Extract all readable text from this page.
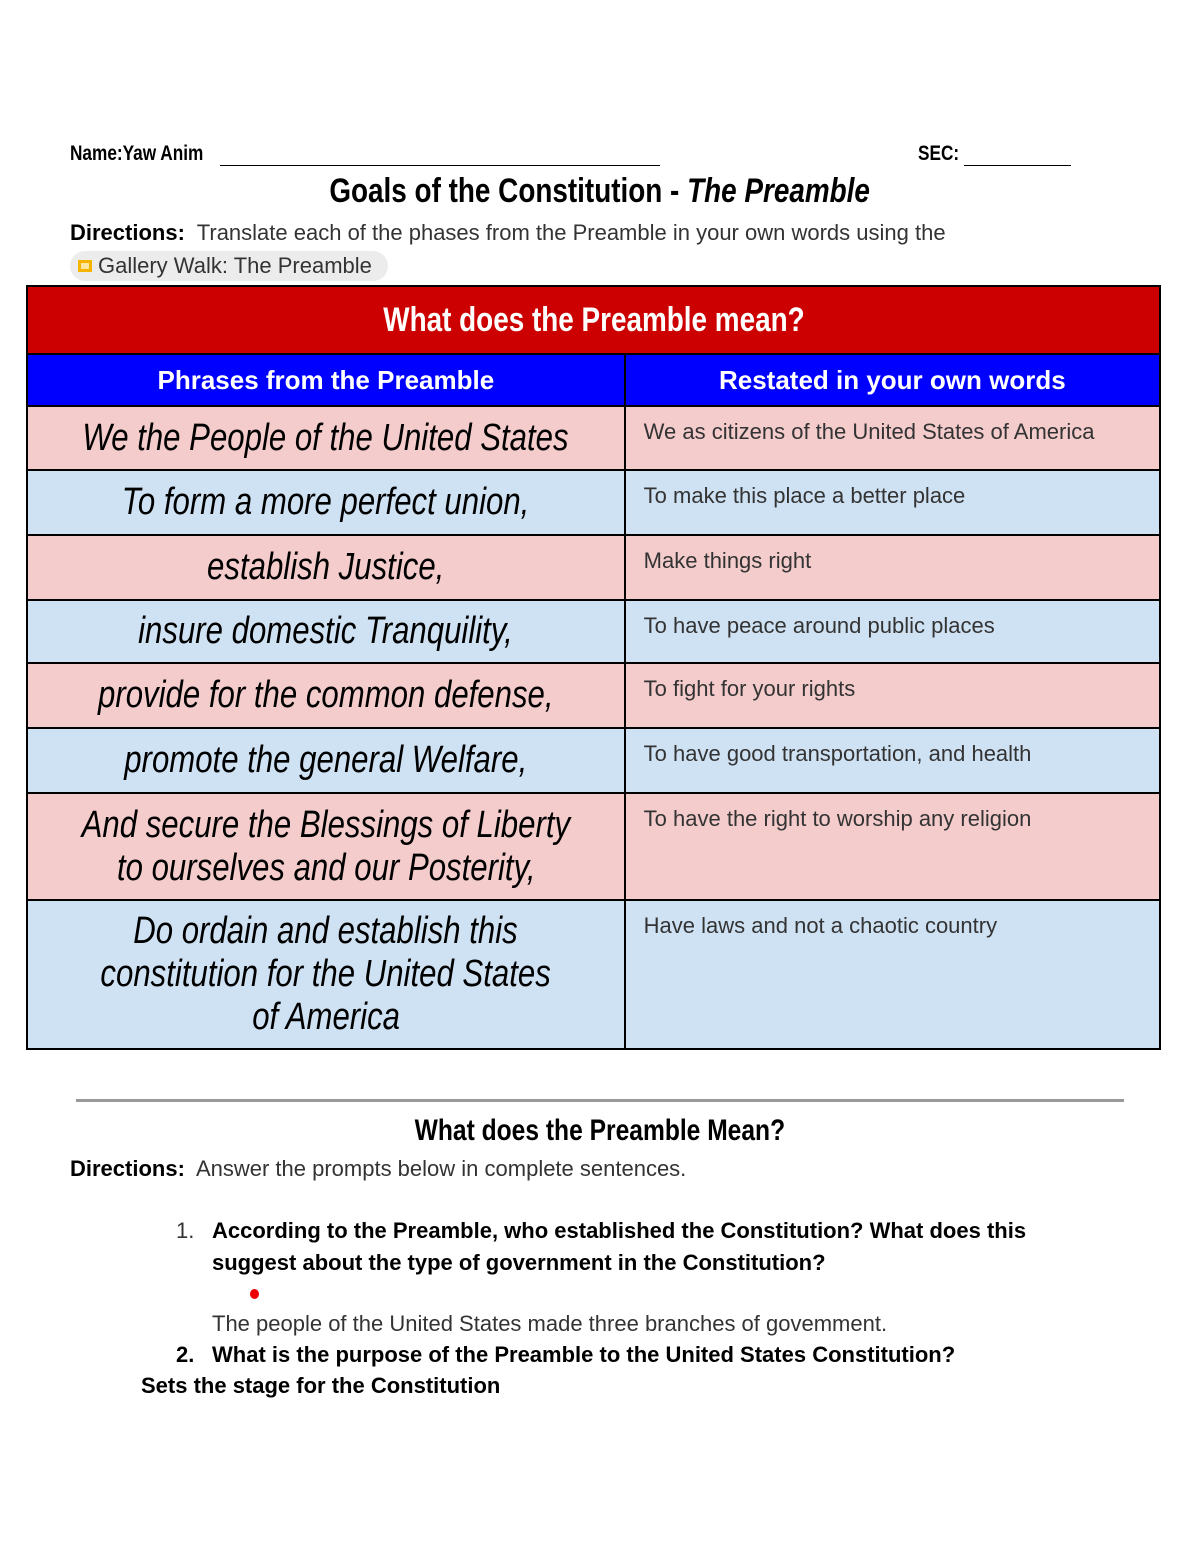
Name:Yaw Anim	SEC:
Goals of the Constitution - The Preamble
Directions: Translate each of the phases from the Preamble in your own words using the
Gallery Walk: The Preamble
What does the Preamble mean?	
Phrases from the Preamble	Restated in your own words

We the People of the United States	We as citizens of the United States of America

To form a more perfect union,	To make this place a better place

establish Justice,	Make things right

insure domestic Tranquility,	To have peace around public places

provide for the common defense,	To fight for your rights

promote the general Welfare,	To have good transportation, and health

And secure the Blessings of Liberty
to ourselves and our Posterity,	To have the right to worship any religion

Do ordain and establish this
constitution for the United States
of America	Have laws and not a chaotic country
What does the Preamble Mean?
Directions: Answer the prompts below in complete sentences.
1. According to the Preamble, who established the Constitution? What does this
suggest about the type of government in the Constitution?
The people of the United States made three branches of govemment.
2. What is the purpose of the Preamble to the United States Constitution?
Sets the stage for the Constitution
